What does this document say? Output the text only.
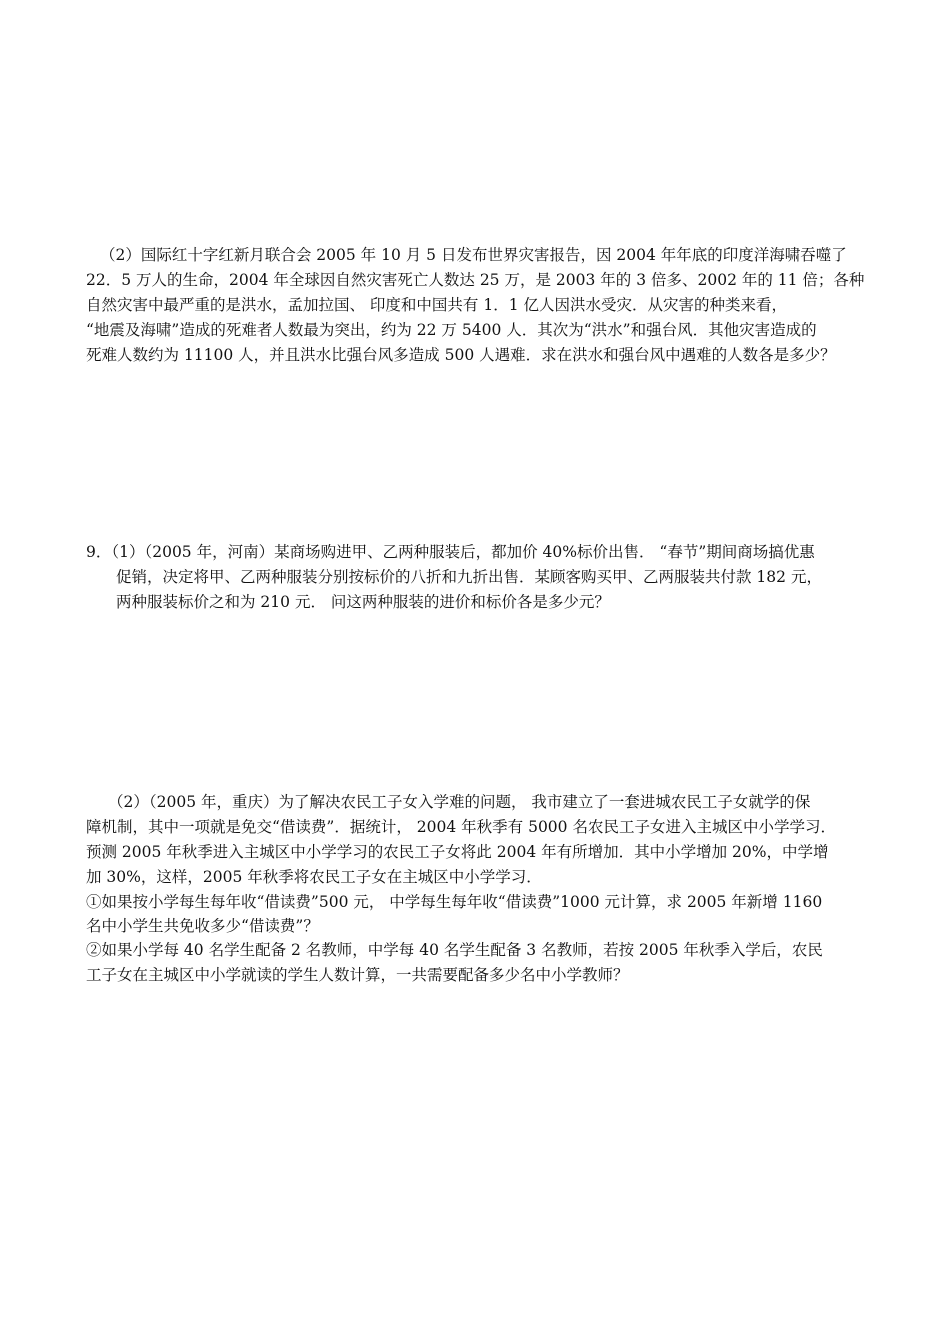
（2）国际红十字红新月联合会 2005 年 10 月 5 日发布世界灾害报告，因 2004 年年底的印度洋海啸吞噬了
22．5 万人的生命，2004 年全球因自然灾害死亡人数达 25 万，是 2003 年的 3 倍多、2002 年的 11 倍；各种
自然灾害中最严重的是洪水，孟加拉国、 印度和中国共有 1．1 亿人因洪水受灾．从灾害的种类来看，
“地震及海啸”造成的死难者人数最为突出，约为 22 万 5400 人．其次为“洪水”和强台风．其他灾害造成的
死难人数约为 11100 人，并且洪水比强台风多造成 500 人遇难．求在洪水和强台风中遇难的人数各是多少？
9．（1）（2005 年，河南）某商场购进甲、乙两种服装后，都加价 40%标价出售． “春节”期间商场搞优惠
促销，决定将甲、乙两种服装分别按标价的八折和九折出售．某顾客购买甲、乙两服装共付款 182 元，
两种服装标价之和为 210 元． 问这两种服装的进价和标价各是多少元？
（2）（2005 年，重庆）为了解决农民工子女入学难的问题， 我市建立了一套进城农民工子女就学的保
障机制，其中一项就是免交“借读费”．据统计， 2004 年秋季有 5000 名农民工子女进入主城区中小学学习．
预测 2005 年秋季进入主城区中小学学习的农民工子女将此 2004 年有所增加．其中小学增加 20%，中学增
加 30%，这样，2005 年秋季将农民工子女在主城区中小学学习．
①如果按小学每生每年收“借读费”500 元， 中学每生每年收“借读费”1000 元计算，求 2005 年新增 1160
名中小学生共免收多少“借读费”？
②如果小学每 40 名学生配备 2 名教师，中学每 40 名学生配备 3 名教师，若按 2005 年秋季入学后，农民
工子女在主城区中小学就读的学生人数计算，一共需要配备多少名中小学教师？
